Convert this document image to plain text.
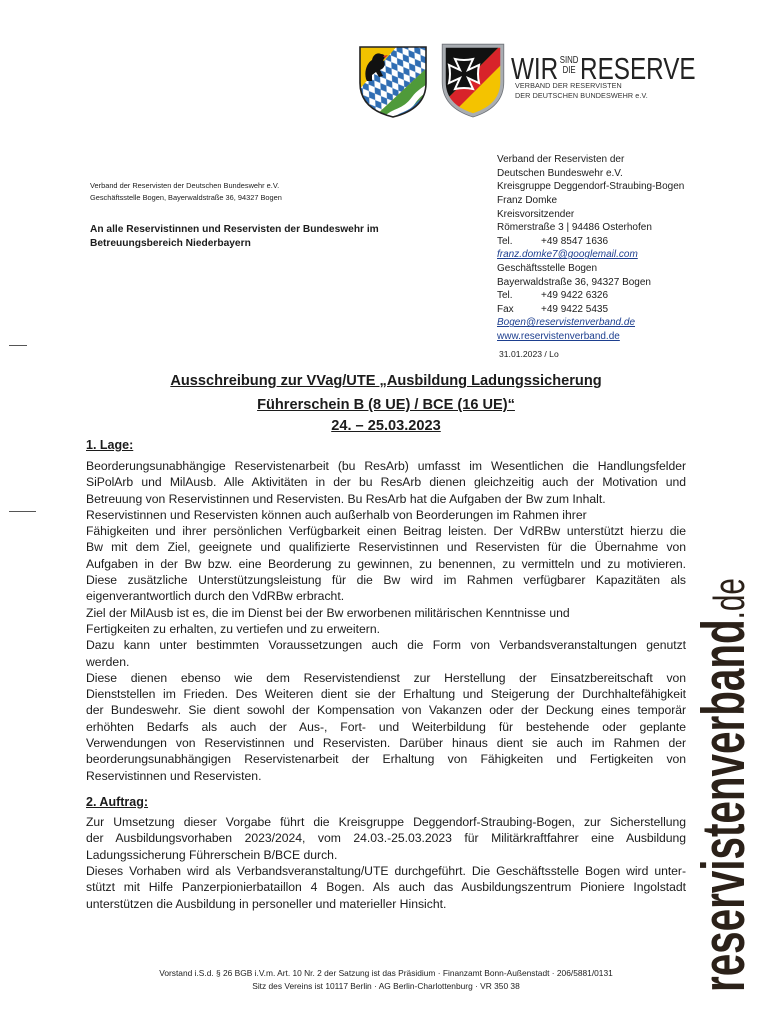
WIR SIND
DIE RESERVE
VERBAND DER RESERVISTEN
DER DEUTSCHEN BUNDESWEHR e.V.
Verband der Reservisten der Deutschen Bundeswehr e.V.
Geschäftsstelle Bogen, Bayerwaldstraße 36, 94327 Bogen
An alle Reservistinnen und Reservisten der Bundeswehr im
Betreuungsbereich Niederbayern
Verband der Reservisten der
Deutschen Bundeswehr e.V.
Kreisgruppe Deggendorf-Straubing-Bogen
Franz Domke
Kreisvorsitzender
Römerstraße 3 | 94486 Osterhofen
Tel.	+49 8547 1636
franz.domke7@googlemail.com
Geschäftsstelle Bogen
Bayerwaldstraße 36, 94327 Bogen
Tel.	+49 9422 6326
Fax	+49 9422 5435
Bogen@reservistenverband.de
www.reservistenverband.de
31.01.2023 / Lo
Ausschreibung zur VVag/UTE „Ausbildung Ladungssicherung
Führerschein B (8 UE) / BCE (16 UE)“
24. – 25.03.2023
1. Lage:
Beorderungsunabhängige Reservistenarbeit (bu ResArb) umfasst im Wesentlichen die Handlungsfelder
SiPolArb und MilAusb. Alle Aktivitäten in der bu ResArb dienen gleichzeitig auch der Motivation und
Betreuung von Reservistinnen und Reservisten. Bu ResArb hat die Aufgaben der Bw zum Inhalt.
Reservistinnen und Reservisten können auch außerhalb von Beorderungen im Rahmen ihrer
Fähigkeiten und ihrer persönlichen Verfügbarkeit einen Beitrag leisten. Der VdRBw unterstützt hierzu die
Bw mit dem Ziel, geeignete und qualifizierte Reservistinnen und Reservisten für die Übernahme von
Aufgaben in der Bw bzw. eine Beorderung zu gewinnen, zu benennen, zu vermitteln und zu motivieren.
Diese zusätzliche Unterstützungsleistung für die Bw wird im Rahmen verfügbarer Kapazitäten als
eigenverantwortlich durch den VdRBw erbracht.
Ziel der MilAusb ist es, die im Dienst bei der Bw erworbenen militärischen Kenntnisse und
Fertigkeiten zu erhalten, zu vertiefen und zu erweitern.
Dazu kann unter bestimmten Voraussetzungen auch die Form von Verbandsveranstaltungen genutzt
werden.
Diese dienen ebenso wie dem Reservistendienst zur Herstellung der Einsatzbereitschaft von
Dienststellen im Frieden. Des Weiteren dient sie der Erhaltung und Steigerung der Durchhaltefähigkeit
der Bundeswehr. Sie dient sowohl der Kompensation von Vakanzen oder der Deckung eines temporär
erhöhten Bedarfs als auch der Aus-, Fort- und Weiterbildung für bestehende oder geplante
Verwendungen von Reservistinnen und Reservisten. Darüber hinaus dient sie auch im Rahmen der
beorderungsunabhängigen Reservistenarbeit der Erhaltung von Fähigkeiten und Fertigkeiten von
Reservistinnen und Reservisten.
2. Auftrag:
Zur Umsetzung dieser Vorgabe führt die Kreisgruppe Deggendorf-Straubing-Bogen, zur Sicherstellung
der Ausbildungsvorhaben 2023/2024, vom 24.03.-25.03.2023 für Militärkraftfahrer eine Ausbildung
Ladungssicherung Führerschein B/BCE durch.
Dieses Vorhaben wird als Verbandsveranstaltung/UTE durchgeführt. Die Geschäftsstelle Bogen wird unter-
stützt mit Hilfe Panzerpionierbataillon 4 Bogen. Als auch das Ausbildungszentrum Pioniere Ingolstadt
unterstützen die Ausbildung in personeller und materieller Hinsicht.
Vorstand i.S.d. § 26 BGB i.V.m. Art. 10 Nr. 2 der Satzung ist das Präsidium · Finanzamt Bonn-Außenstadt · 206/5881/0131
Sitz des Vereins ist 10117 Berlin · AG Berlin-Charlottenburg · VR 350 38	reservistenverband.de
